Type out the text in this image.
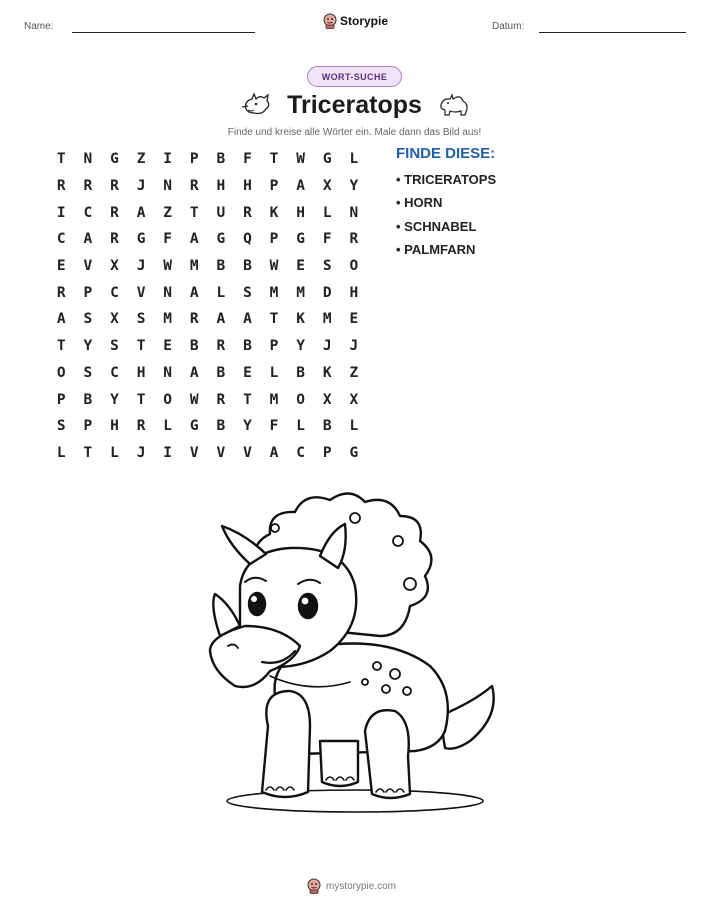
Name:	Storypie	Datum:
WORT-SUCHE
Triceratops
Finde und kreise alle Wörter ein. Male dann das Bild aus!
T	N	G	Z	I	P	B	F	T	W	G	L
R	R	R	J	N	R	H	H	P	A	X	Y
I	C	R	A	Z	T	U	R	K	H	L	N
C	A	R	G	F	A	G	Q	P	G	F	R
E	V	X	J	W	M	B	B	W	E	S	O
R	P	C	V	N	A	L	S	M	M	D	H
A	S	X	S	M	R	A	A	T	K	M	E
T	Y	S	T	E	B	R	B	P	Y	J	J
O	S	C	H	N	A	B	E	L	B	K	Z
P	B	Y	T	O	W	R	T	M	O	X	X
S	P	H	R	L	G	B	Y	F	L	B	L
L	T	L	J	I	V	V	V	A	C	P	G
FINDE DIESE:
• TRICERATOPS
• HORN
• SCHNABEL
• PALMFARN
mystorypie.com
